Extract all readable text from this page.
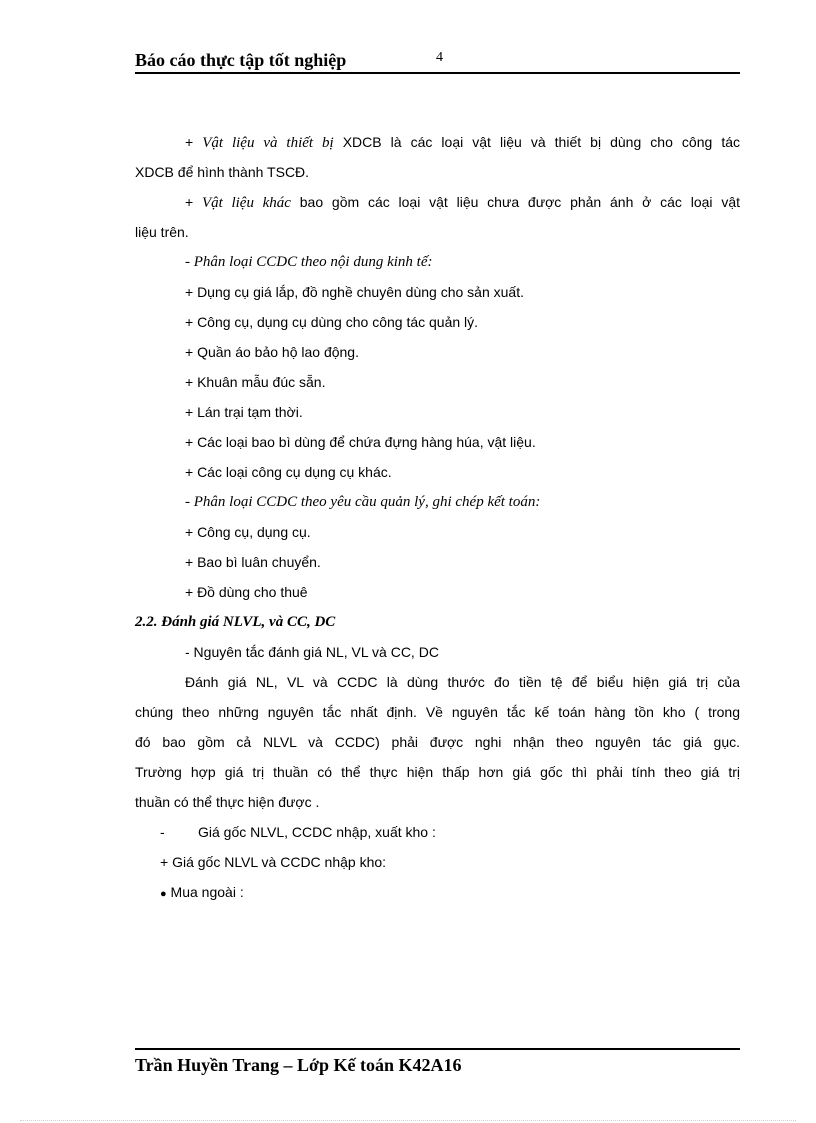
Báo cáo thực tập tốt nghiệp	4
+ Vật liệu và thiết bị XDCB là các loại vật liệu và thiết bị dùng cho công tác
XDCB để hình thành TSCĐ.
+ Vật liệu khác bao gồm các loại vật liệu chưa được phản ánh ở các loại vật
liệu trên.
- Phân loại CCDC theo nội dung kinh tế:
+ Dụng cụ giá lắp, đồ nghề chuyên dùng cho sản xuất.
+ Công cụ, dụng cụ dùng cho công tác quản lý.
+ Quần áo bảo hộ lao động.
+ Khuân mẫu đúc sẵn.
+ Lán trại tạm thời.
+ Các loại bao bì dùng để chứa đựng hàng húa, vật liệu.
+ Các loại công cụ dụng cụ khác.
- Phân loại CCDC theo yêu cầu quản lý, ghi chép kết toán:
+ Công cụ, dụng cụ.
+ Bao bì luân chuyển.
+ Đồ dùng cho thuê
2.2. Đánh giá NLVL, và CC, DC
- Nguyên tắc đánh giá NL, VL và CC, DC
Đánh giá NL, VL và CCDC là dùng thước đo tiền tệ để biểu hiện giá trị của
chúng theo những nguyên tắc nhất định. Về nguyên tắc kế toán hàng tồn kho ( trong
đó bao gồm cả NLVL và CCDC) phải được nghi nhận theo nguyên tác giá gục.
Trường hợp giá trị thuần có thể thực hiện thấp hơn giá gốc thì phải tính theo giá trị
thuần có thể thực hiện được .
- Giá gốc NLVL, CCDC nhập, xuất kho :
+ Giá gốc NLVL và CCDC nhập kho:
● Mua ngoài :
Trần Huyền Trang – Lớp Kế toán K42A16
